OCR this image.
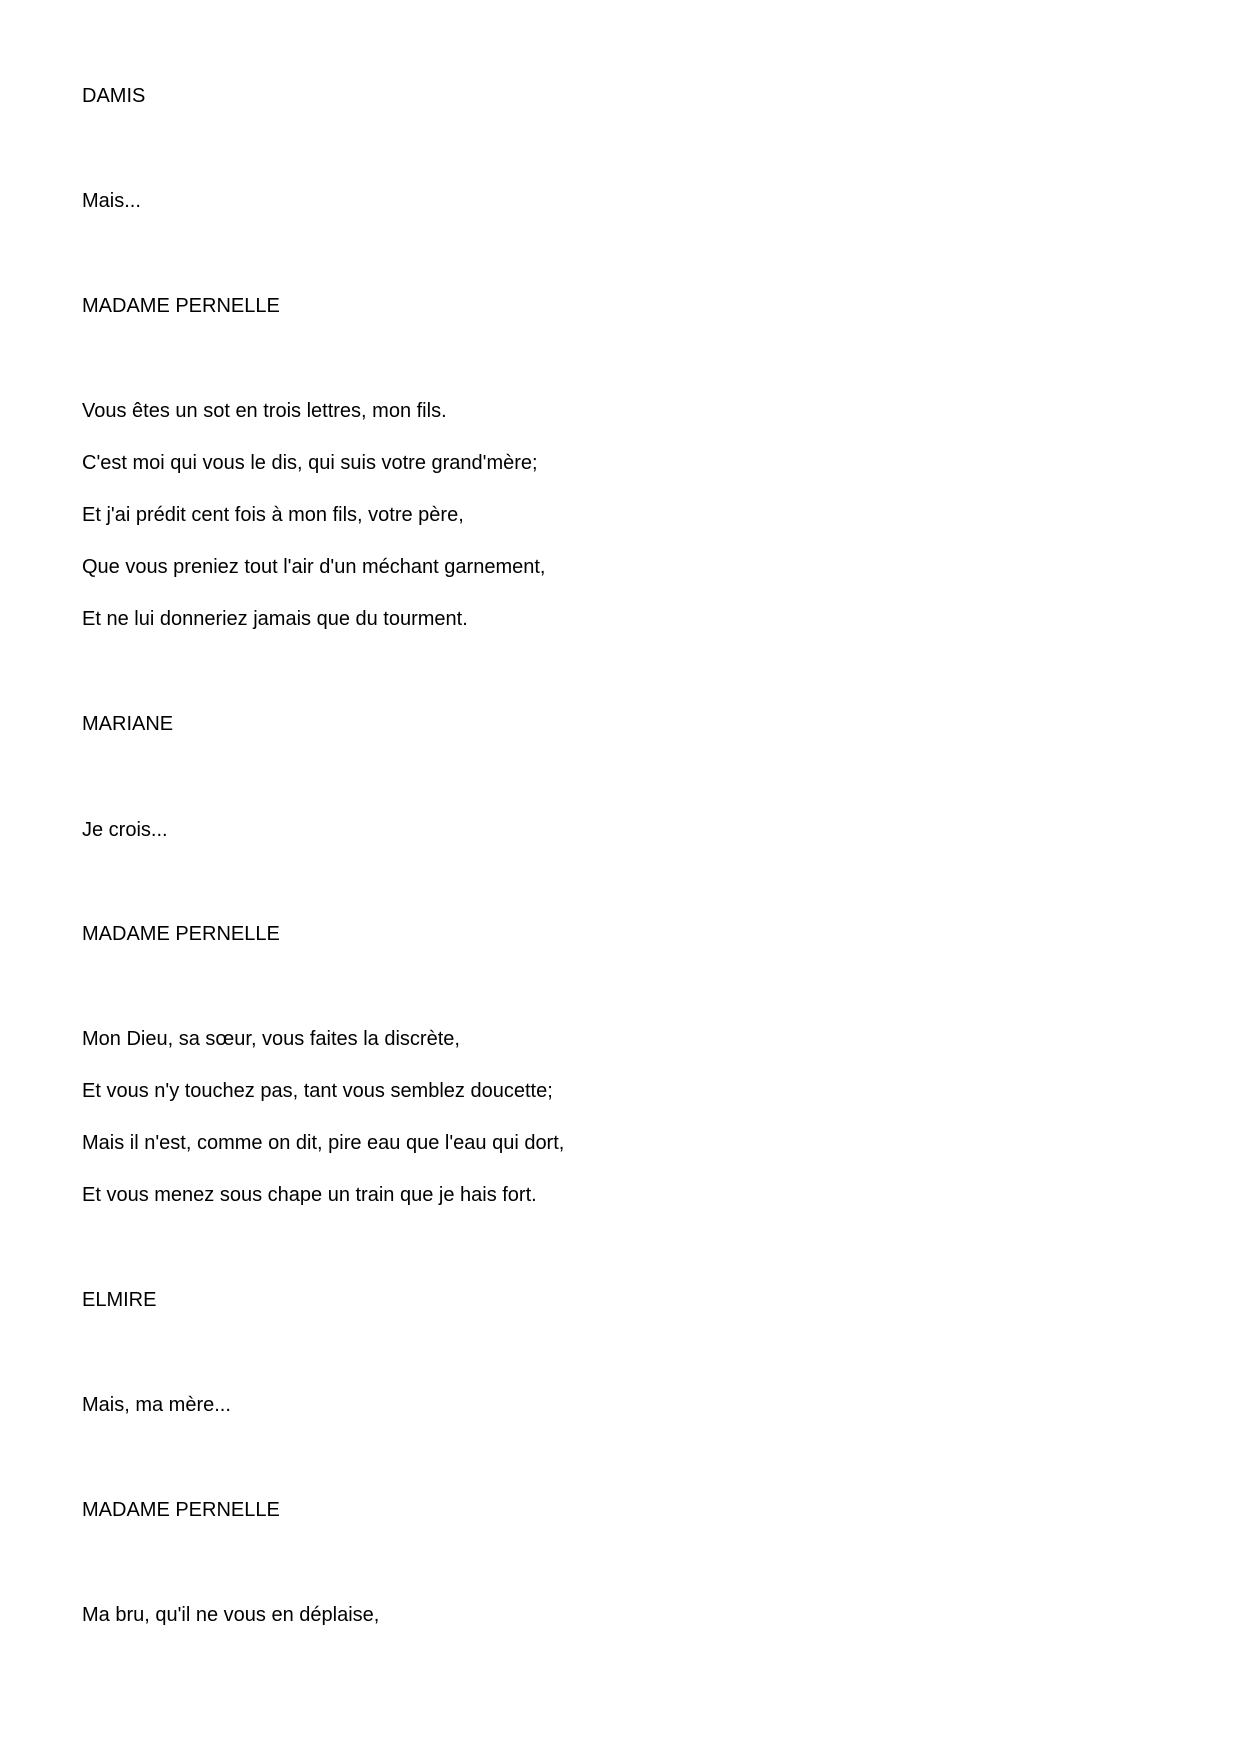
DAMIS

Mais...

MADAME PERNELLE

Vous êtes un sot en trois lettres, mon fils.

C'est moi qui vous le dis, qui suis votre grand'mère;

Et j'ai prédit cent fois à mon fils, votre père,

Que vous preniez tout l'air d'un méchant garnement,

Et ne lui donneriez jamais que du tourment.

MARIANE

Je crois...

MADAME PERNELLE

Mon Dieu, sa sœur, vous faites la discrète,

Et vous n'y touchez pas, tant vous semblez doucette;

Mais il n'est, comme on dit, pire eau que l'eau qui dort,

Et vous menez sous chape un train que je hais fort.

ELMIRE

Mais, ma mère...

MADAME PERNELLE

Ma bru, qu'il ne vous en déplaise,
